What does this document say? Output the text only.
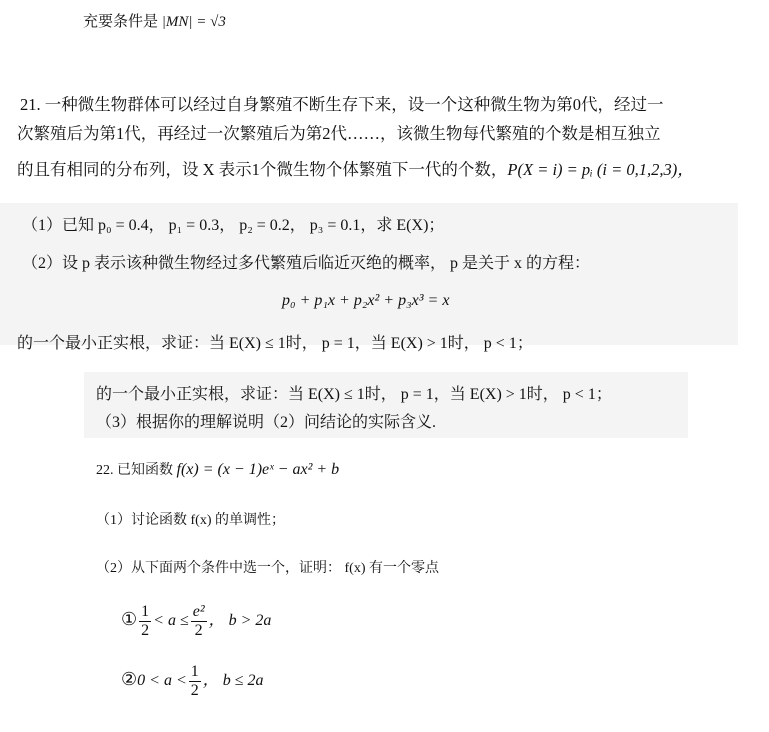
充要条件是 |MN| = √3
21. 一种微生物群体可以经过自身繁殖不断生存下来，设一个这种微生物为第0代，经过一
次繁殖后为第1代，再经过一次繁殖后为第2代……，该微生物每代繁殖的个数是相互独立
的且有相同的分布列，设 X 表示1个微生物个体繁殖下一代的个数，P(X = i) = pᵢ (i = 0,1,2,3)，
（1）已知 p₀ = 0.4， p₁ = 0.3， p₂ = 0.2， p₃ = 0.1，求 E(X)；
（2）设 p 表示该种微生物经过多代繁殖后临近灭绝的概率， p 是关于 x 的方程：
p₀ + p₁x + p₂x² + p₃x³ = x
的一个最小正实根，求证：当 E(X) ≤ 1时， p = 1，当 E(X) > 1时， p < 1；
的一个最小正实根，求证：当 E(X) ≤ 1时， p = 1，当 E(X) > 1时， p < 1；
（3）根据你的理解说明（2）问结论的实际含义.
22. 已知函数 f(x) = (x − 1)eˣ − ax² + b
（1）讨论函数 f(x) 的单调性；
（2）从下面两个条件中选一个，证明： f(x) 有一个零点
① $\frac{1}{2} < a \le \frac{\text{e²}}{2}$ ， b > 2a
②0 < $a < \frac{1}{2}$ ， b ≤ 2a
